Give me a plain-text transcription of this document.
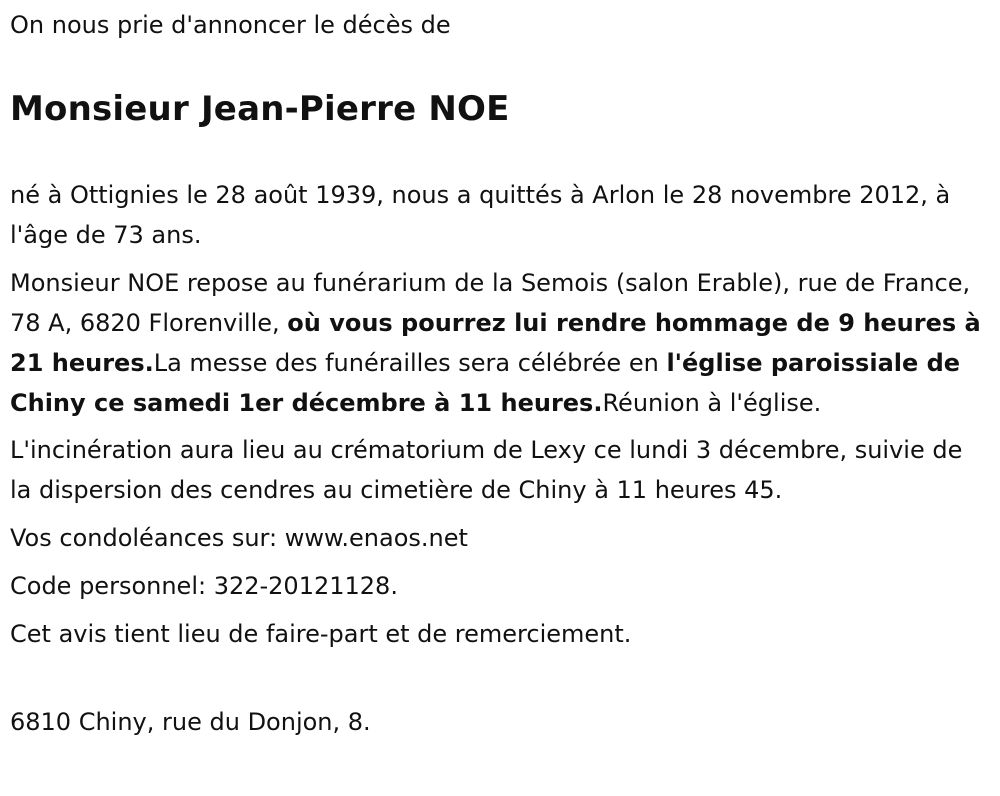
On nous prie d'annoncer le décès de

Monsieur Jean-Pierre NOE

né à Ottignies le 28 août 1939, nous a quittés à Arlon le 28 novembre 2012, à l'âge de 73 ans.

Monsieur NOE repose au funérarium de la Semois (salon Erable), rue de France, 78 A, 6820 Florenville, où vous pourrez lui rendre hommage de 9 heures à 21 heures.La messe des funérailles sera célébrée en l'église paroissiale de Chiny ce samedi 1er décembre à 11 heures.Réunion à l'église.

L'incinération aura lieu au crématorium de Lexy ce lundi 3 décembre, suivie de la dispersion des cendres au cimetière de Chiny à 11 heures 45.

Vos condoléances sur: www.enaos.net

Code personnel: 322-20121128.

Cet avis tient lieu de faire-part et de remerciement.

6810 Chiny, rue du Donjon, 8.
